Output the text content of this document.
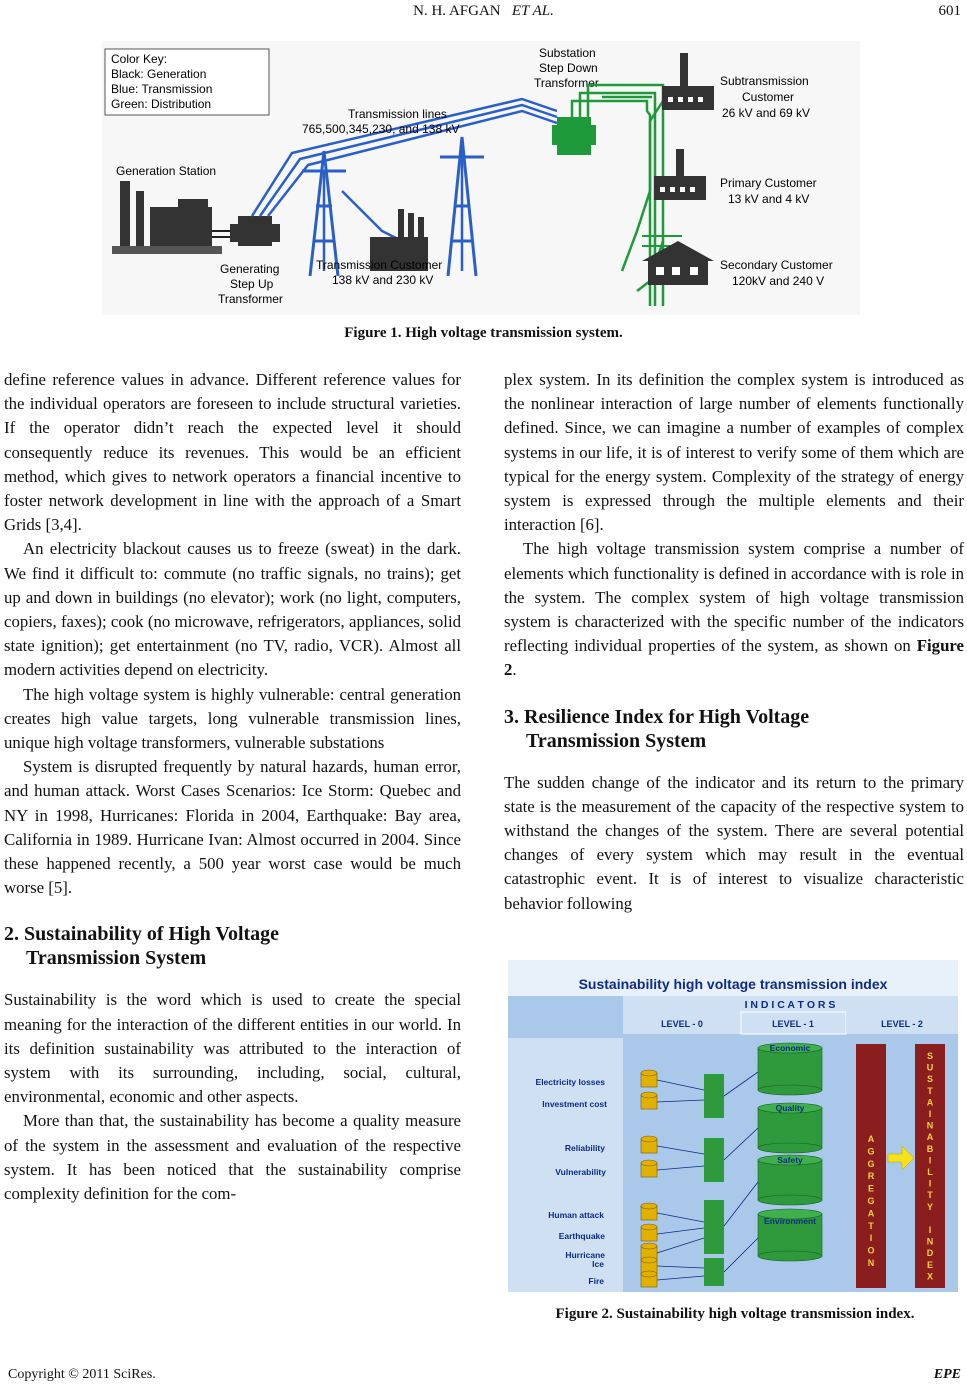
N. H. AFGAN ET AL.	601
Color Key:
Black: Generation
Blue: Transmission
Green: Distribution
Generation Station
Generating
Step Up
Transformer
Transmission Customer
138 kV and 230 kV
Transmission lines
765,500,345,230, and 138 kV
Substation
Step Down
Transformer	Subtransmission
Customer
26 kV and 69 kV
Primary Customer
13 kV and 4 kV
Secondary Customer
120kV and 240 V
Figure 1. High voltage transmission system.

define reference values in advance. Different reference values for the individual operators are foreseen to include structural varieties. If the operator didn’t reach the expected level it should consequently reduce its revenues. This would be an efficient method, which gives to network operators a financial incentive to foster network development in line with the approach of a Smart Grids [3,4].

An electricity blackout causes us to freeze (sweat) in the dark. We find it difficult to: commute (no traffic signals, no trains); get up and down in buildings (no elevator); work (no light, computers, copiers, faxes); cook (no microwave, refrigerators, appliances, solid state ignition); get entertainment (no TV, radio, VCR). Almost all modern activities depend on electricity.

The high voltage system is highly vulnerable: central generation creates high value targets, long vulnerable transmission lines, unique high voltage transformers, vulnerable substations

System is disrupted frequently by natural hazards, human error, and human attack. Worst Cases Scenarios: Ice Storm: Quebec and NY in 1998, Hurricanes: Florida in 2004, Earthquake: Bay area, California in 1989. Hurricane Ivan: Almost occurred in 2004. Since these happened recently, a 500 year worst case would be much worse [5].

2. Sustainability of High Voltage
Transmission System

Sustainability is the word which is used to create the special meaning for the interaction of the different entities in our world. In its definition sustainability was attributed to the interaction of system with its surrounding, including, social, cultural, environmental, economic and other aspects.

More than that, the sustainability has become a quality measure of the system in the assessment and evaluation of the respective system. It has been noticed that the sustainability comprise complexity definition for the com-

plex system. In its definition the complex system is introduced as the nonlinear interaction of large number of elements functionally defined. Since, we can imagine a number of examples of complex systems in our life, it is of interest to verify some of them which are typical for the energy system. Complexity of the strategy of energy system is expressed through the multiple elements and their interaction [6].

The high voltage transmission system comprise a number of elements which functionality is defined in accordance with is role in the system. The complex system of high voltage transmission system is characterized with the specific number of the indicators reflecting individual properties of the system, as shown on Figure 2.

3. Resilience Index for High Voltage
Transmission System

The sudden change of the indicator and its return to the primary state is the measurement of the capacity of the respective system to withstand the changes of the system. There are several potential changes of every system which may result in the eventual catastrophic event. It is of interest to visualize characteristic behavior following

Sustainability high voltage transmission index
I N D I C A T O R S
LEVEL - 0	LEVEL - 1	LEVEL - 2
Electricity losses
Investment cost
Reliability
Vulnerability
Human attack
Earthquake
Hurricane
Ice
Fire
Economic
Quality
Safety
Environment
A G G R E G A T I O N
S U S T A I N A B I L I T Y I N D E X
Figure 2. Sustainability high voltage transmission index.
Copyright © 2011 SciRes.	EPE
